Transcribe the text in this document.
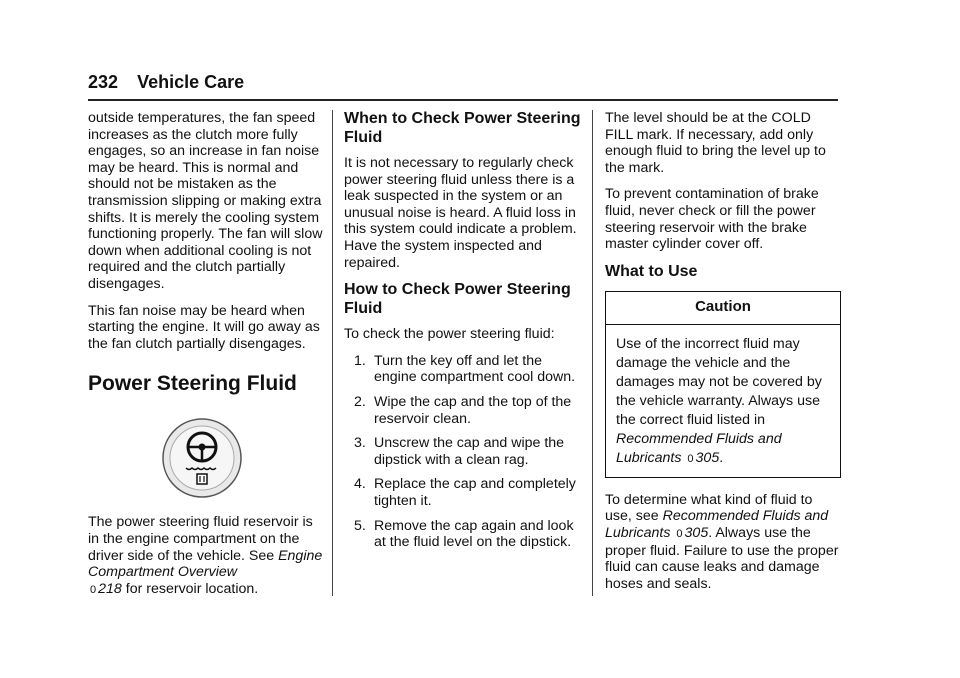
232 Vehicle Care

outside temperatures, the fan speed increases as the clutch more fully engages, so an increase in fan noise may be heard. This is normal and should not be mistaken as the transmission slipping or making extra shifts. It is merely the cooling system functioning properly. The fan will slow down when additional cooling is not required and the clutch partially disengages.

This fan noise may be heard when starting the engine. It will go away as the fan clutch partially disengages.

Power Steering Fluid

The power steering fluid reservoir is in the engine compartment on the driver side of the vehicle. See Engine Compartment Overview
0 218 for reservoir location.

When to Check Power Steering Fluid

It is not necessary to regularly check power steering fluid unless there is a leak suspected in the system or an unusual noise is heard. A fluid loss in this system could indicate a problem. Have the system inspected and repaired.

How to Check Power Steering Fluid

To check the power steering fluid:

1. Turn the key off and let the engine compartment cool down.
2. Wipe the cap and the top of the reservoir clean.
3. Unscrew the cap and wipe the dipstick with a clean rag.
4. Replace the cap and completely tighten it.
5. Remove the cap again and look at the fluid level on the dipstick.

The level should be at the COLD FILL mark. If necessary, add only enough fluid to bring the level up to the mark.

To prevent contamination of brake fluid, never check or fill the power steering reservoir with the brake master cylinder cover off.

What to Use
Caution
Use of the incorrect fluid may damage the vehicle and the damages may not be covered by the vehicle warranty. Always use the correct fluid listed in Recommended Fluids and Lubricants 0 305.

To determine what kind of fluid to use, see Recommended Fluids and Lubricants 0 305. Always use the proper fluid. Failure to use the proper fluid can cause leaks and damage hoses and seals.
